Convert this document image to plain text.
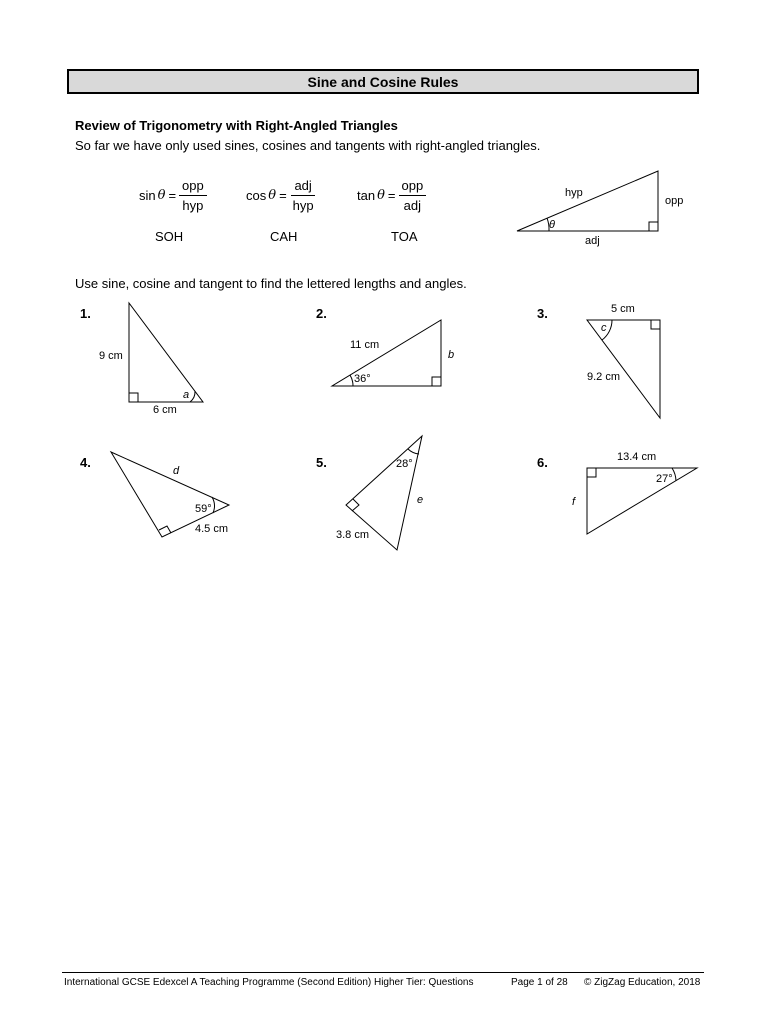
Sine and Cosine Rules
Review of Trigonometry with Right-Angled Triangles
So far we have only used sines, cosines and tangents with right-angled triangles.
$\sin \theta = \frac{\text{opp}}{\text{hyp}}$	$\cos \theta = \frac{\text{adj}}{\text{hyp}}$	$\tan \theta = \frac{\text{opp}}{\text{adj}}$
SOH	CAH	TOA
Use sine, cosine and tangent to find the lettered lengths and angles.
1.	2.	3.
4.	5.	6.
hyp
opp
adj
θ
9 cm
6 cm
a
11 cm
36°
b
5 cm
9.2 cm
c
d
59°
4.5 cm
28°
e
3.8 cm
13.4 cm
27°
f
International GCSE Edexcel A Teaching Programme (Second Edition) Higher Tier: Questions	Page 1 of 28 © ZigZag Education, 2018
